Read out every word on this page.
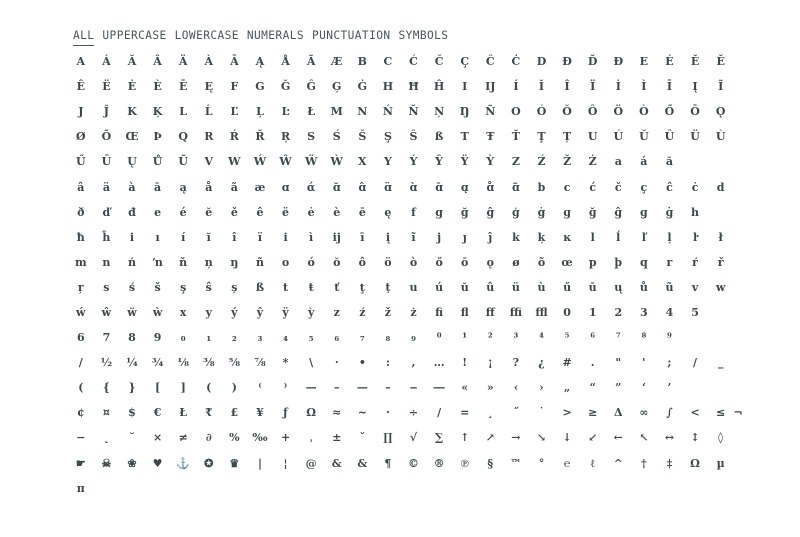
ALL UPPERCASE LOWERCASE NUMERALS PUNCTUATION SYMBOLS
A	Á	Ă	Â	Ä	À	Ā	Ą	Å	Ã	Æ	B	C	Ć	Č	Ç	Ĉ	Ċ	D	Ð	Ď	Đ	E	É	Ĕ	Ě
Ê	Ë	Ė	È	Ē	Ę	F	G	Ğ	Ĝ	Ģ	Ġ	H	Ħ	Ĥ	I	IJ	Í	Ĭ	Î	Ï	İ	Ì	Ī	Į	Ĩ
J	Ĵ	K	Ķ	L	Ĺ	Ľ	Ļ	Ŀ	Ł	M	N	Ń	Ň	Ņ	Ŋ	Ñ	O	Ó	Ŏ	Ô	Ö	Ò	Ő	Ō	Ǫ
Ø	Õ	Œ	Þ	Q	R	Ŕ	Ř	Ŗ	S	Ś	Š	Ş	Ŝ	ß	T	Ŧ	Ť	Ţ	Ț	U	Ú	Ŭ	Û	Ü	Ù
Ű	Ū	Ų	Ů	Ũ	V	W	Ẃ	Ŵ	Ẅ	Ẁ	X	Y	Ý	Ŷ	Ÿ	Ỳ	Z	Ź	Ž	Ż	a	á	ă
â	ä	à	ā	ą	å	ã	æ	ɑ	ά	ɑ̆	ɑ̂	ɑ̈	ɑ̀	ɑ̄	ɑ̨	ɑ̊	ɑ̃	b	c	ć	č	ç	ĉ	ċ	d
ð	ď	đ	e	é	ĕ	ě	ê	ë	ė	è	ē	ę	f	g	ğ	ĝ	ģ	ġ	ɡ	ɡ̆	ɡ̂	ɡ̧	ɡ̇	h
ħ	ĥ	i	ı	í	ĭ	î	ï	i	ì	ij	ī	į	ĩ	j	ȷ	ĵ	k	ķ	ĸ	l	ĺ	ľ	ļ	ŀ	ł
m	n	ń	ŉ	ň	ņ	ŋ	ñ	o	ó	ŏ	ô	ö	ò	ő	ō	ǫ	ø	õ	œ	p	þ	q	r	ŕ	ř
ŗ	s	ś	š	ş	ŝ	ș	ß	t	ŧ	ť	ţ	ț	u	ú	ŭ	û	ü	ù	ű	ū	ų	ů	ũ	v	w
ẃ	ŵ	ẅ	ẁ	x	y	ý	ŷ	ÿ	ỳ	z	ź	ž	ż	ﬁ	ﬂ	ﬀ	ﬃ	ﬄ	0	1	2	3	4	5
6	7	8	9	₀	₁	₂	₃	₄	₅	₆	₇	₈	₉	⁰	¹	²	³	⁴	⁵	⁶	⁷	⁸	⁹
/	½	¼	¾	⅛	⅜	⅝	⅞	*	\	·	•	:	,	…	!	¡	?	¿	#	.	"	'	;	/	_
(	{	}	[	]	(	)	⁽	⁾	—	–	—	–	‒	―	«	»	‹	›	„	“	”	‘	’
¢	¤	$	€	Ł	₹	£	¥	ƒ	Ω	≈	~	·	÷	/	=	¸	˝	˙	>	≥	Δ	∞	∫	<	≤ ¬
−	˛	˘	×	≠	∂	%	‰	+	ˌ	±	ˇ	∏	√	∑	↑	↗	→	↘	↓	↙	←	↖	↔	↕	◊
☛	☠	❀	♥	⚓	✪	♛	|	¦	@	&	&	¶	©	®	℗	§	™	°	℮	ℓ	^	†	‡	Ω	µ
π
